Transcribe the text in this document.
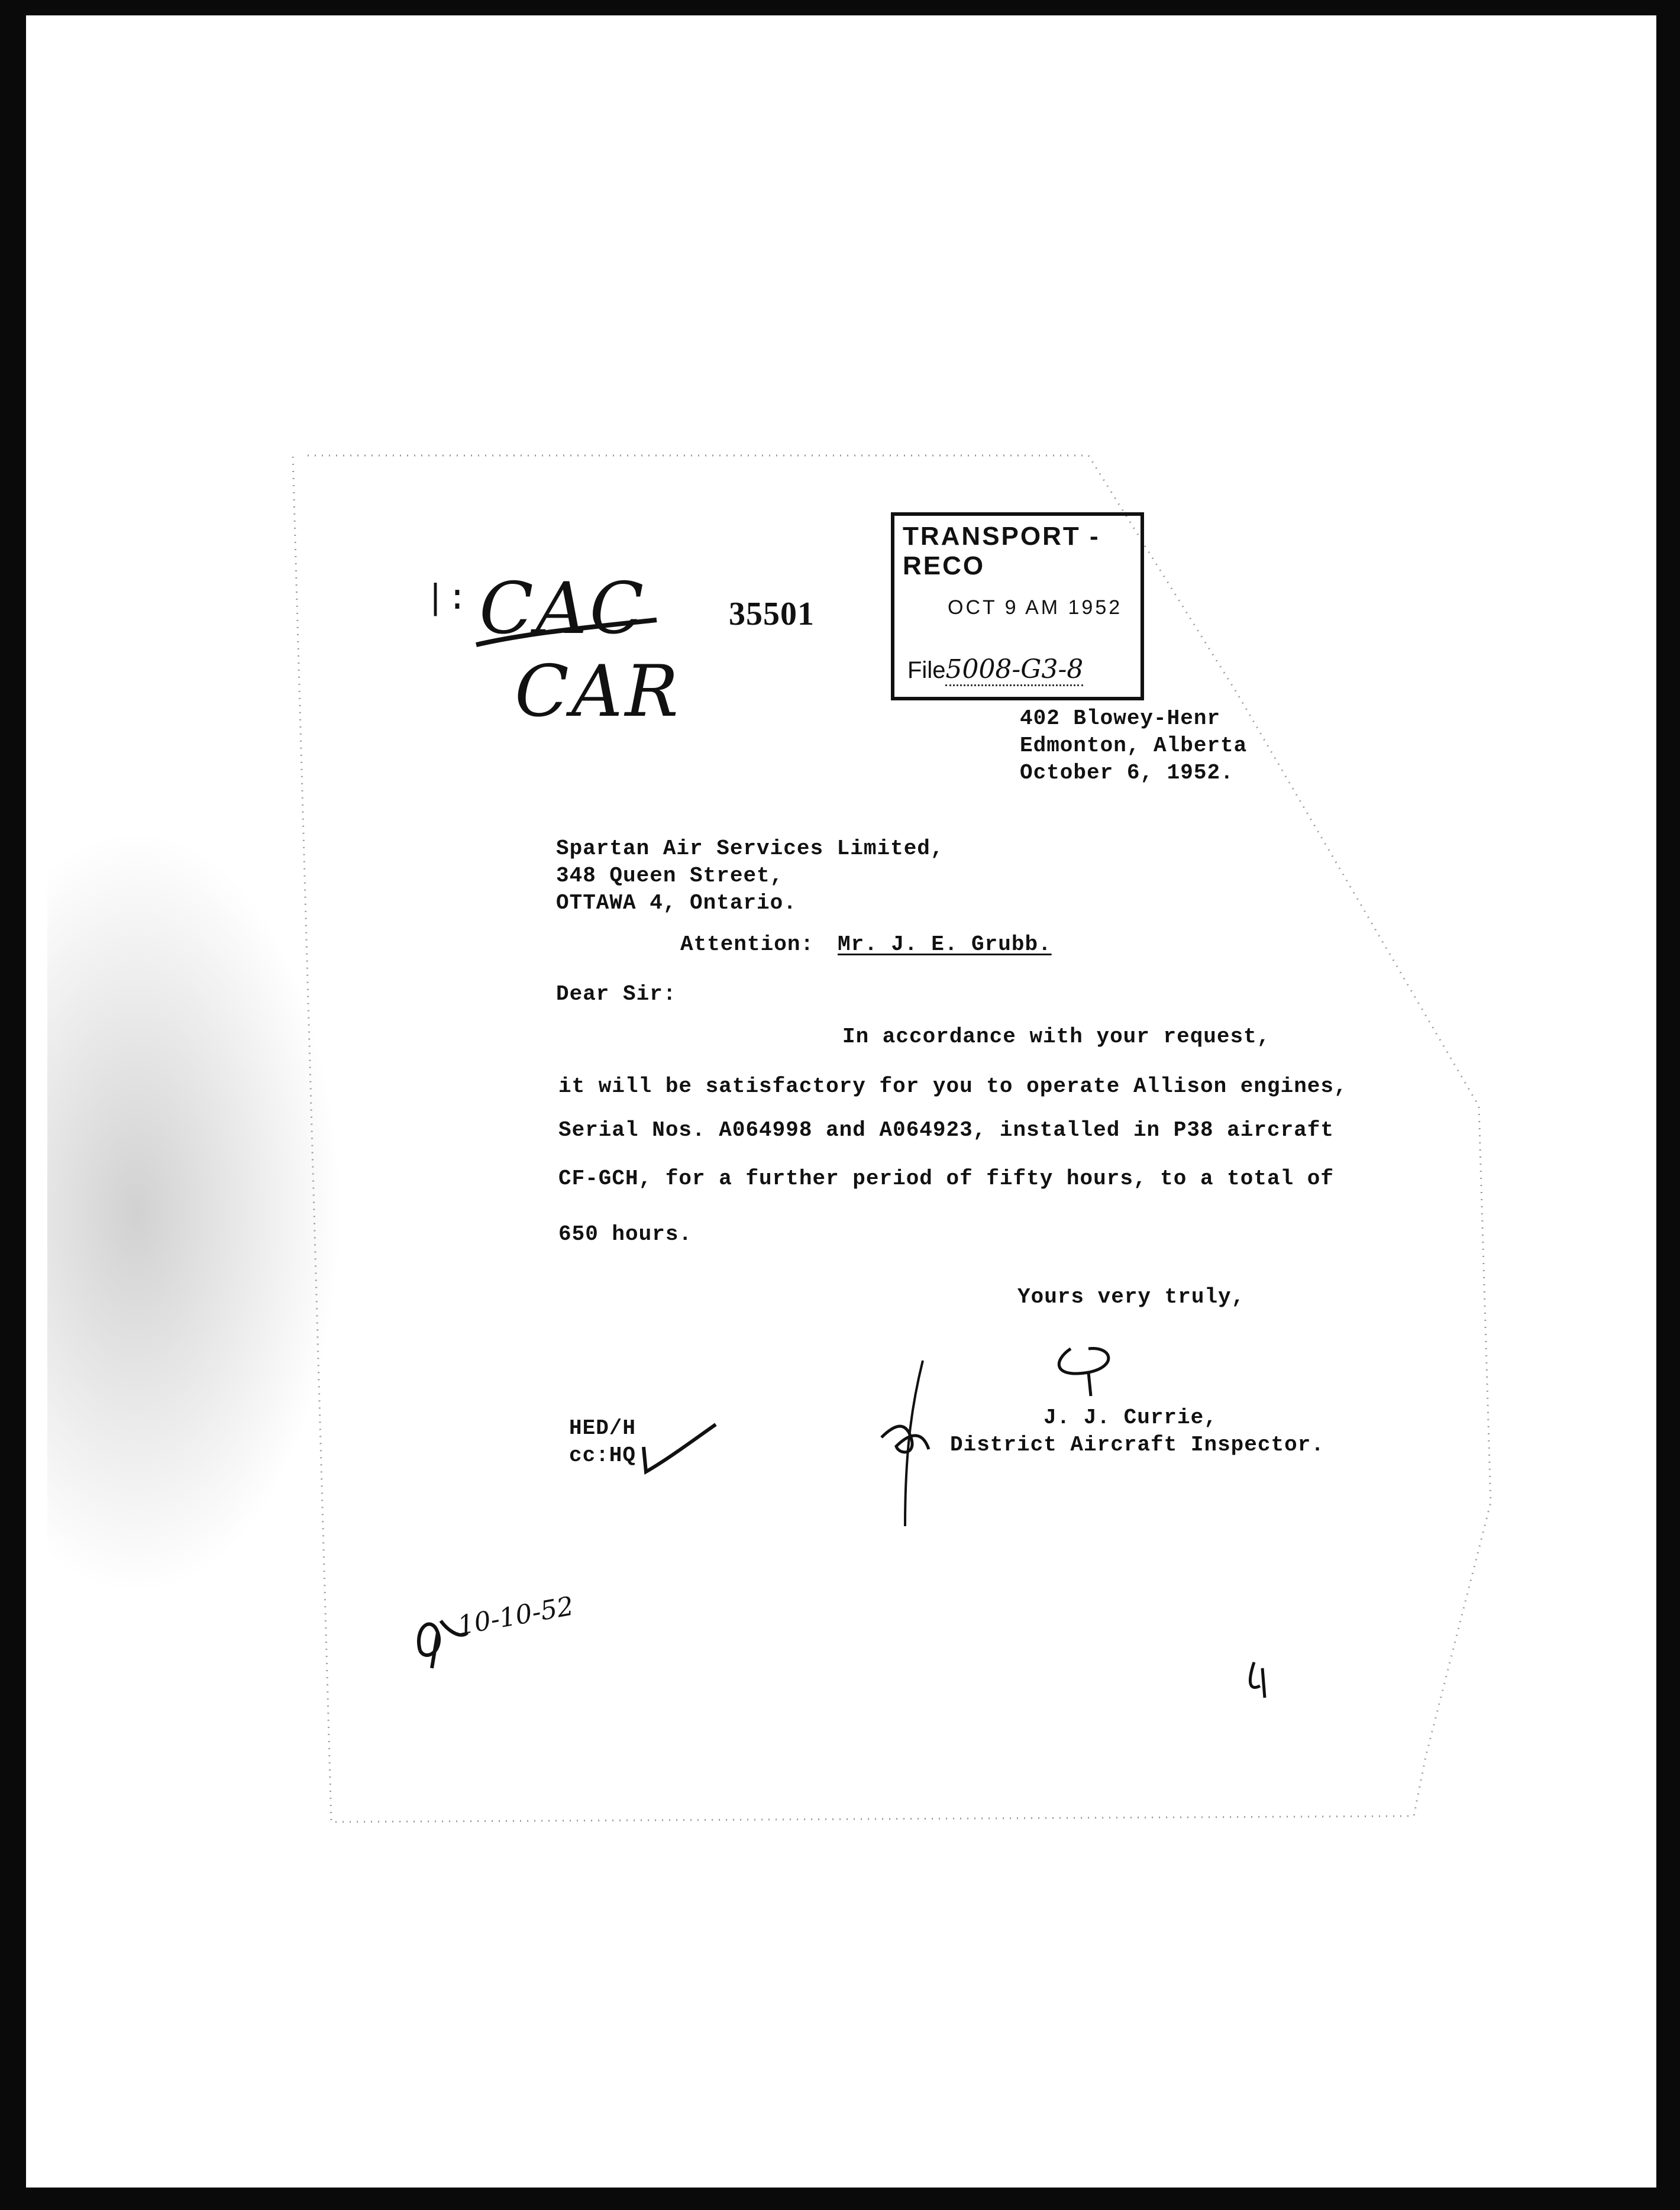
CAC
CAR
35501
|:
TRANSPORT - RECO
OCT 9 AM 1952
File5008-G3-8
402 Blowey-Henr
Edmonton, Alberta
October 6, 1952.
Spartan Air Services Limited,
348 Queen Street,
OTTAWA 4, Ontario.
Attention: Mr. J. E. Grubb.
Dear Sir:
In accordance with your request,
it will be satisfactory for you to operate Allison engines,
Serial Nos. A064998 and A064923, installed in P38 aircraft
CF-GCH, for a further period of fifty hours, to a total of
650 hours.
Yours very truly,
J. J. Currie,
District Aircraft Inspector.
HED/H
cc:HQ
10-10-52
